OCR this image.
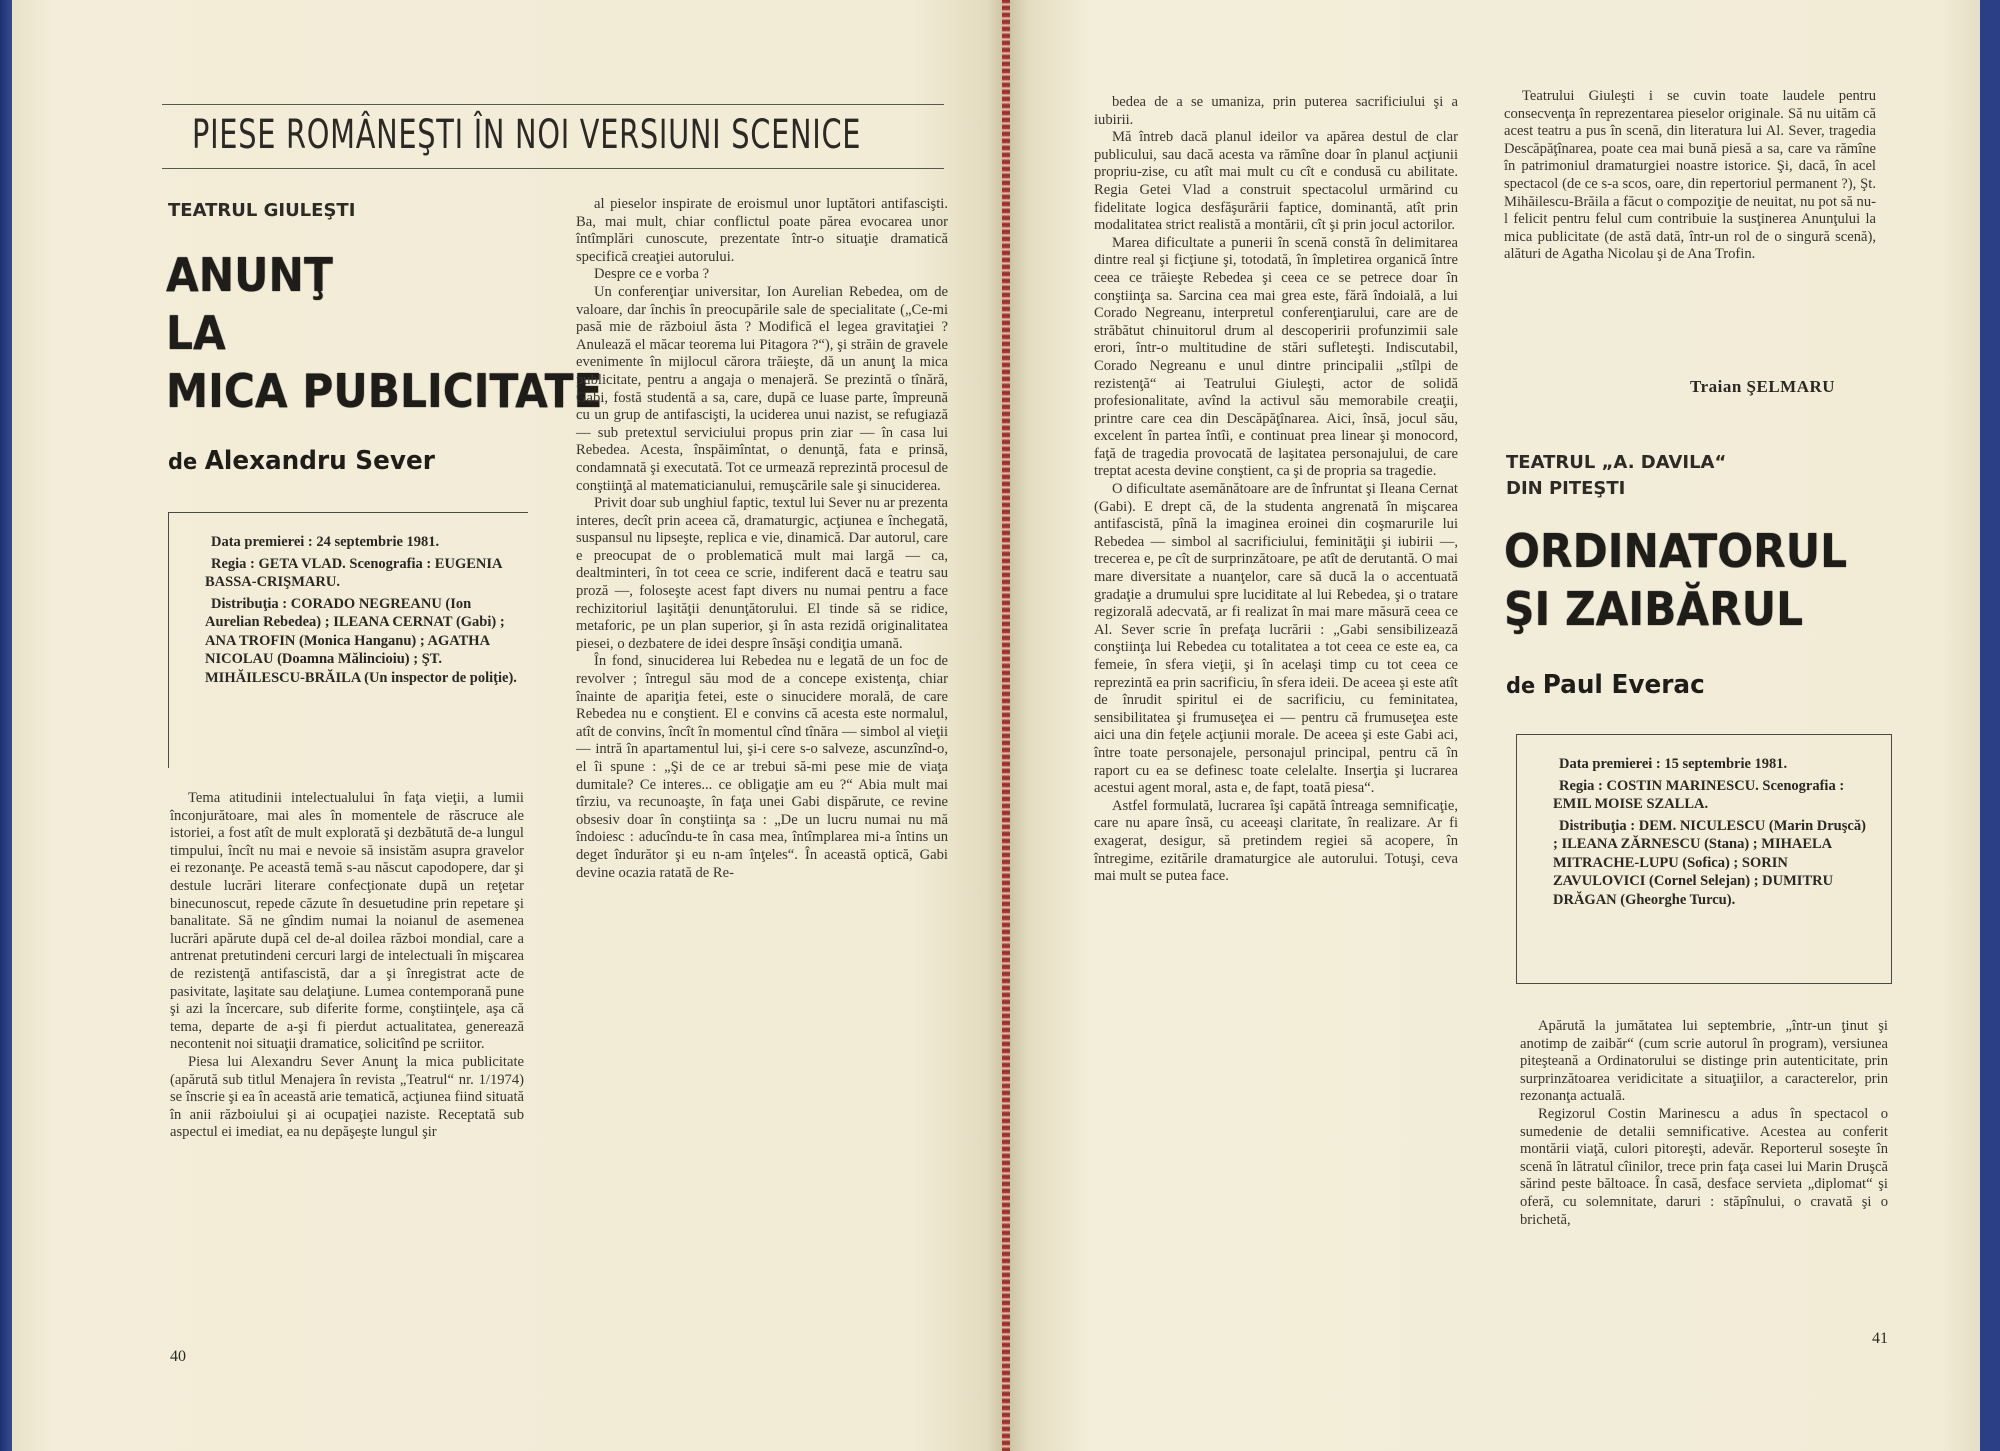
PIESE ROMÂNEŞTI ÎN NOI VERSIUNI SCENICE
TEATRUL GIULEŞTI
ANUNŢ
LA
MICA PUBLICITATE
de Alexandru Sever

Data premierei : 24 septembrie 1981.

Regia : GETA VLAD. Scenografia : EUGENIA BASSA-CRIŞMARU.

Distribuţia : CORADO NEGREANU (Ion Aurelian Rebedea) ; ILEANA CERNAT (Gabi) ; ANA TROFIN (Monica Hanganu) ; AGATHA NICOLAU (Doamna Mălincioiu) ; ŞT. MIHĂILESCU-BRĂILA (Un inspector de poliţie).

Tema atitudinii intelectualului în faţa vieţii, a lumii înconjurătoare, mai ales în momentele de răscruce ale istoriei, a fost atît de mult explorată şi dezbătută de-a lungul timpului, încît nu mai e nevoie să insistăm asupra gravelor ei rezonanţe. Pe această temă s-au născut capodopere, dar şi destule lucrări literare confecţionate după un reţetar binecunoscut, repede căzute în desuetudine prin repetare şi banalitate. Să ne gîndim numai la noianul de asemenea lucrări apărute după cel de-al doilea război mondial, care a antrenat pretutindeni cercuri largi de intelectuali în mişcarea de rezistenţă antifascistă, dar a şi înregistrat acte de pasivitate, laşitate sau delaţiune. Lumea contemporană pune şi azi la încercare, sub diferite forme, conştiinţele, aşa că tema, departe de a-şi fi pierdut actualitatea, generează necontenit noi situaţii dramatice, solicitînd pe scriitor.

Piesa lui Alexandru Sever Anunţ la mica publicitate (apărută sub titlul Menajera în revista „Teatrul“ nr. 1/1974) se înscrie şi ea în această arie tematică, acţiunea fiind situată în anii războiului şi ai ocupaţiei naziste. Receptată sub aspectul ei imediat, ea nu depăşeşte lungul şir

al pieselor inspirate de eroismul unor luptători antifascişti. Ba, mai mult, chiar conflictul poate părea evocarea unor întîmplări cunoscute, prezentate într-o situaţie dramatică specifică creaţiei autorului.

Despre ce e vorba ?

Un conferenţiar universitar, Ion Aurelian Rebedea, om de valoare, dar închis în preocupările sale de specialitate („Ce-mi pasă mie de războiul ăsta ? Modifică el legea gravitaţiei ? Anulează el măcar teorema lui Pitagora ?“), şi străin de gravele evenimente în mijlocul cărora trăieşte, dă un anunţ la mica publicitate, pentru a angaja o menajeră. Se prezintă o tînără, Gabi, fostă studentă a sa, care, după ce luase parte, împreună cu un grup de antifascişti, la uciderea unui nazist, se refugiază — sub pretextul serviciului propus prin ziar — în casa lui Rebedea. Acesta, înspăimîntat, o denunţă, fata e prinsă, condamnată şi executată. Tot ce urmează reprezintă procesul de conştiinţă al matematicianului, remuşcările sale şi sinuciderea.

Privit doar sub unghiul faptic, textul lui Sever nu ar prezenta interes, decît prin aceea că, dramaturgic, acţiunea e închegată, suspansul nu lipseşte, replica e vie, dinamică. Dar autorul, care e preocupat de o problematică mult mai largă — ca, dealtminteri, în tot ceea ce scrie, indiferent dacă e teatru sau proză —, foloseşte acest fapt divers nu numai pentru a face rechizitoriul laşităţii denunţătorului. El tinde să se ridice, metaforic, pe un plan superior, şi în asta rezidă originalitatea piesei, o dezbatere de idei despre însăşi condiţia umană.

În fond, sinuciderea lui Rebedea nu e legată de un foc de revolver ; întregul său mod de a concepe existenţa, chiar înainte de apariţia fetei, este o sinucidere morală, de care Rebedea nu e conştient. El e convins că acesta este normalul, atît de convins, încît în momentul cînd tînăra — simbol al vieţii — intră în apartamentul lui, şi-i cere s-o salveze, ascunzînd-o, el îi spune : „Şi de ce ar trebui să-mi pese mie de viaţa dumitale? Ce interes... ce obligaţie am eu ?“ Abia mult mai tîrziu, va recunoaşte, în faţa unei Gabi dispărute, ce revine obsesiv doar în conştiinţa sa : „De un lucru numai nu mă îndoiesc : aducîndu-te în casa mea, întîmplarea mi-a întins un deget îndurător şi eu n-am înţeles“. În această optică, Gabi devine ocazia ratată de Re-

40

bedea de a se umaniza, prin puterea sacrificiului şi a iubirii.

Mă întreb dacă planul ideilor va apărea destul de clar publicului, sau dacă acesta va rămîne doar în planul acţiunii propriu-zise, cu atît mai mult cu cît e condusă cu abilitate. Regia Getei Vlad a construit spectacolul urmărind cu fidelitate logica desfăşurării faptice, dominantă, atît prin modalitatea strict realistă a montării, cît şi prin jocul actorilor.

Marea dificultate a punerii în scenă constă în delimitarea dintre real şi ficţiune şi, totodată, în împletirea organică între ceea ce trăieşte Rebedea şi ceea ce se petrece doar în conştiinţa sa. Sarcina cea mai grea este, fără îndoială, a lui Corado Negreanu, interpretul conferenţiarului, care are de străbătut chinuitorul drum al descoperirii profunzimii sale erori, într-o multitudine de stări sufleteşti. Indiscutabil, Corado Negreanu e unul dintre principalii „stîlpi de rezistenţă“ ai Teatrului Giuleşti, actor de solidă profesionalitate, avînd la activul său memorabile creaţii, printre care cea din Descăpăţînarea. Aici, însă, jocul său, excelent în partea întîi, e continuat prea linear şi monocord, faţă de tragedia provocată de laşitatea personajului, de care treptat acesta devine conştient, ca şi de propria sa tragedie.

O dificultate asemănătoare are de înfruntat şi Ileana Cernat (Gabi). E drept că, de la studenta angrenată în mişcarea antifascistă, pînă la imaginea eroinei din coşmarurile lui Rebedea — simbol al sacrificiului, feminităţii şi iubirii —, trecerea e, pe cît de surprinzătoare, pe atît de derutantă. O mai mare diversitate a nuanţelor, care să ducă la o accentuată gradaţie a drumului spre luciditate al lui Rebedea, şi o tratare regizorală adecvată, ar fi realizat în mai mare măsură ceea ce Al. Sever scrie în prefaţa lucrării : „Gabi sensibilizează conştiinţa lui Rebedea cu totalitatea a tot ceea ce este ea, ca femeie, în sfera vieţii, şi în acelaşi timp cu tot ceea ce reprezintă ea prin sacrificiu, în sfera ideii. De aceea şi este atît de înrudit spiritul ei de sacrificiu, cu feminitatea, sensibilitatea şi frumuseţea ei — pentru că frumuseţea este aici una din feţele acţiunii morale. De aceea şi este Gabi aci, între toate personajele, personajul principal, pentru că în raport cu ea se definesc toate celelalte. Inserţia şi lucrarea acestui agent moral, asta e, de fapt, toată piesa“.

Astfel formulată, lucrarea îşi capătă întreaga semnificaţie, care nu apare însă, cu aceeaşi claritate, în realizare. Ar fi exagerat, desigur, să pretindem regiei să acopere, în întregime, ezitările dramaturgice ale autorului. Totuşi, ceva mai mult se putea face.

Teatrului Giuleşti i se cuvin toate laudele pentru consecvenţa în reprezentarea pieselor originale. Să nu uităm că acest teatru a pus în scenă, din literatura lui Al. Sever, tragedia Descăpăţînarea, poate cea mai bună piesă a sa, care va rămîne în patrimoniul dramaturgiei noastre istorice. Şi, dacă, în acel spectacol (de ce s-a scos, oare, din repertoriul permanent ?), Şt. Mihăilescu-Brăila a făcut o compoziţie de neuitat, nu pot să nu-l felicit pentru felul cum contribuie la susţinerea Anunţului la mica publicitate (de astă dată, într-un rol de o singură scenă), alături de Agatha Nicolau şi de Ana Trofin.

Traian ŞELMARU
TEATRUL „A. DAVILA“
DIN PITEŞTI
ORDINATORUL
ŞI ZAIBĂRUL
de Paul Everac

Data premierei : 15 septembrie 1981.

Regia : COSTIN MARINESCU. Scenografia : EMIL MOISE SZALLA.

Distribuţia : DEM. NICULESCU (Marin Druşcă) ; ILEANA ZĂRNESCU (Stana) ; MIHAELA MITRACHE-LUPU (Sofica) ; SORIN ZAVULOVICI (Cornel Selejan) ; DUMITRU DRĂGAN (Gheorghe Turcu).

Apărută la jumătatea lui septembrie, „într-un ţinut şi anotimp de zaibăr“ (cum scrie autorul în program), versiunea piteşteană a Ordinatorului se distinge prin autenticitate, prin surprinzătoarea veridicitate a situaţiilor, a caracterelor, prin rezonanţa actuală.

Regizorul Costin Marinescu a adus în spectacol o sumedenie de detalii semnificative. Acestea au conferit montării viaţă, culori pitoreşti, adevăr. Reporterul soseşte în scenă în lătratul cîinilor, trece prin faţa casei lui Marin Druşcă sărind peste băltoace. În casă, desface servieta „diplomat“ şi oferă, cu solemnitate, daruri : stăpînului, o cravată şi o brichetă,

41
